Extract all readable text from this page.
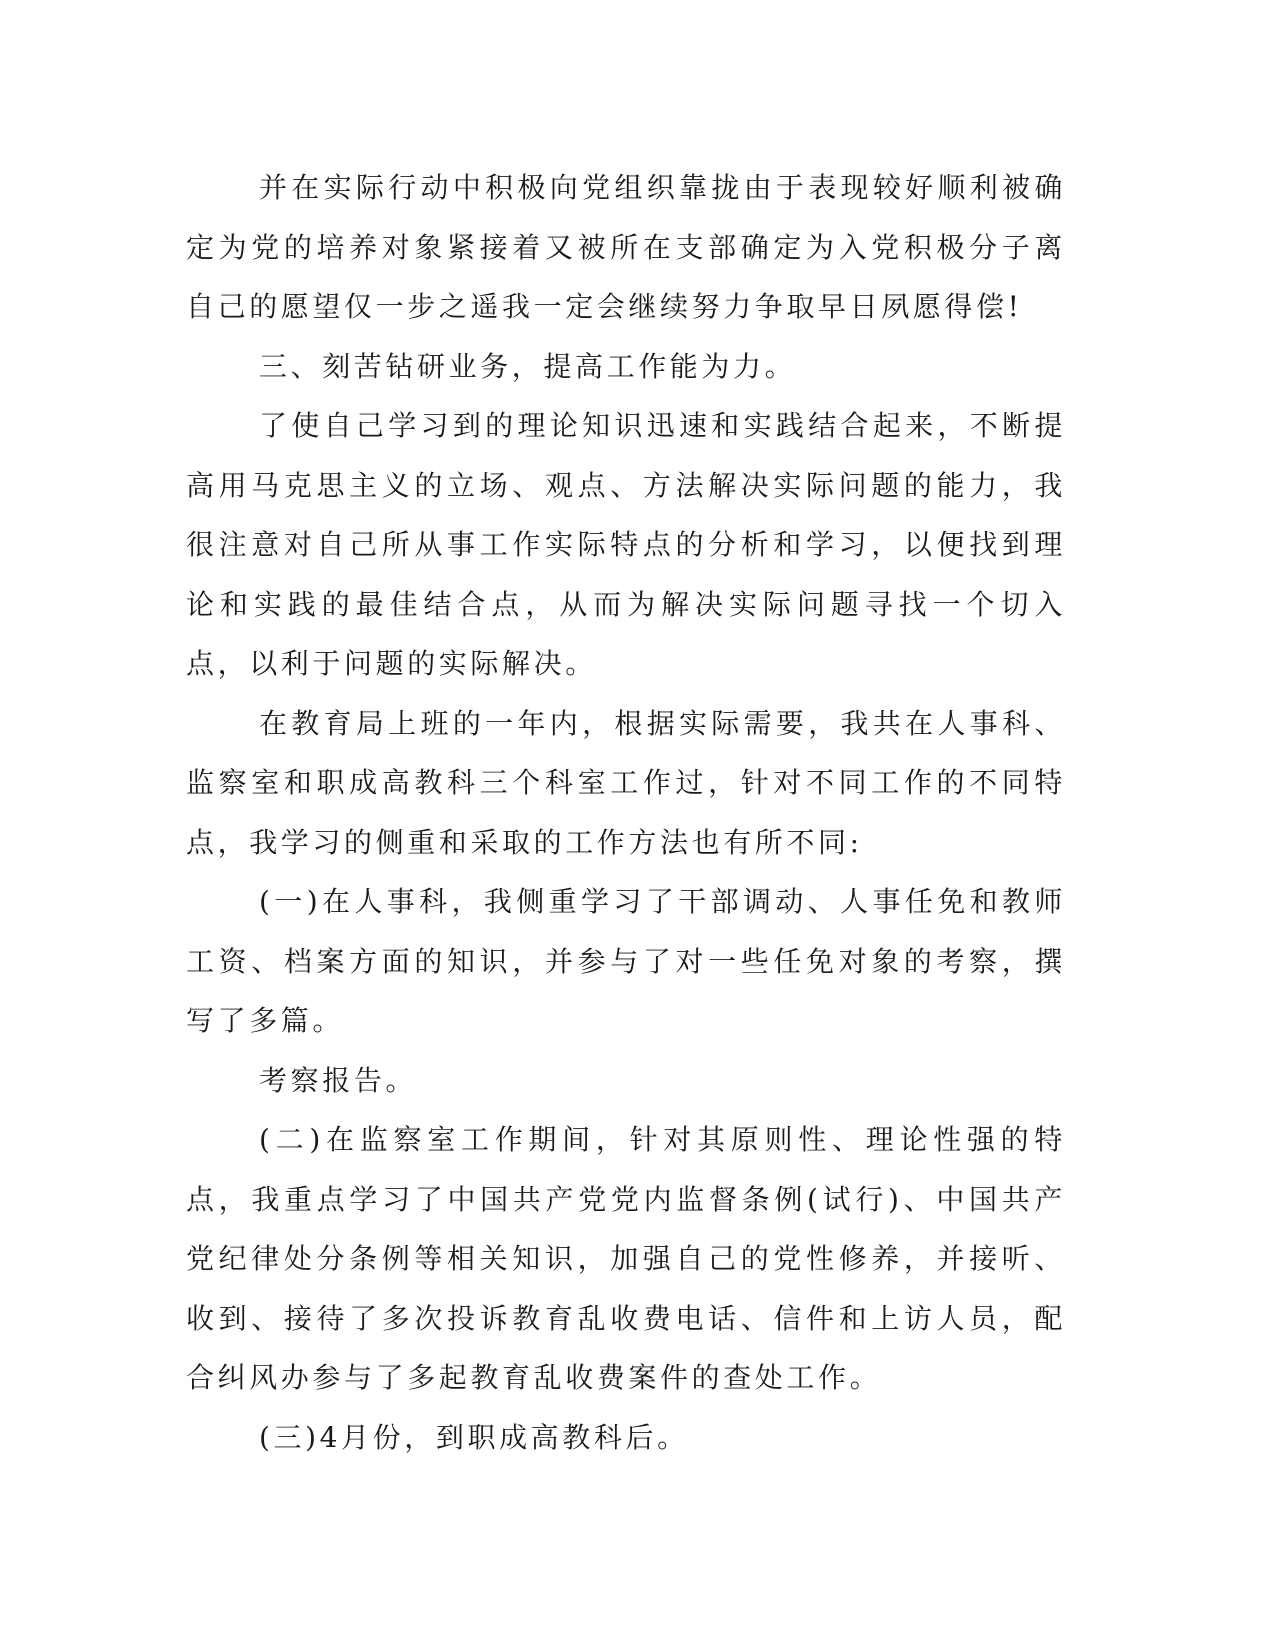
并在实际行动中积极向党组织靠拢由于表现较好顺利被确定为党的培养对象紧接着又被所在支部确定为入党积极分子离自己的愿望仅一步之遥我一定会继续努力争取早日夙愿得偿!

三、刻苦钻研业务，提高工作能为力。

了使自己学习到的理论知识迅速和实践结合起来，不断提高用马克思主义的立场、观点、方法解决实际问题的能力，我很注意对自己所从事工作实际特点的分析和学习，以便找到理论和实践的最佳结合点，从而为解决实际问题寻找一个切入点，以利于问题的实际解决。

在教育局上班的一年内，根据实际需要，我共在人事科、监察室和职成高教科三个科室工作过，针对不同工作的不同特点，我学习的侧重和采取的工作方法也有所不同:

(一)在人事科，我侧重学习了干部调动、人事任免和教师工资、档案方面的知识，并参与了对一些任免对象的考察，撰写了多篇。

考察报告。

(二)在监察室工作期间，针对其原则性、理论性强的特点，我重点学习了中国共产党党内监督条例(试行)、中国共产党纪律处分条例等相关知识，加强自己的党性修养，并接听、收到、接待了多次投诉教育乱收费电话、信件和上访人员，配合纠风办参与了多起教育乱收费案件的查处工作。

(三)4月份，到职成高教科后。
